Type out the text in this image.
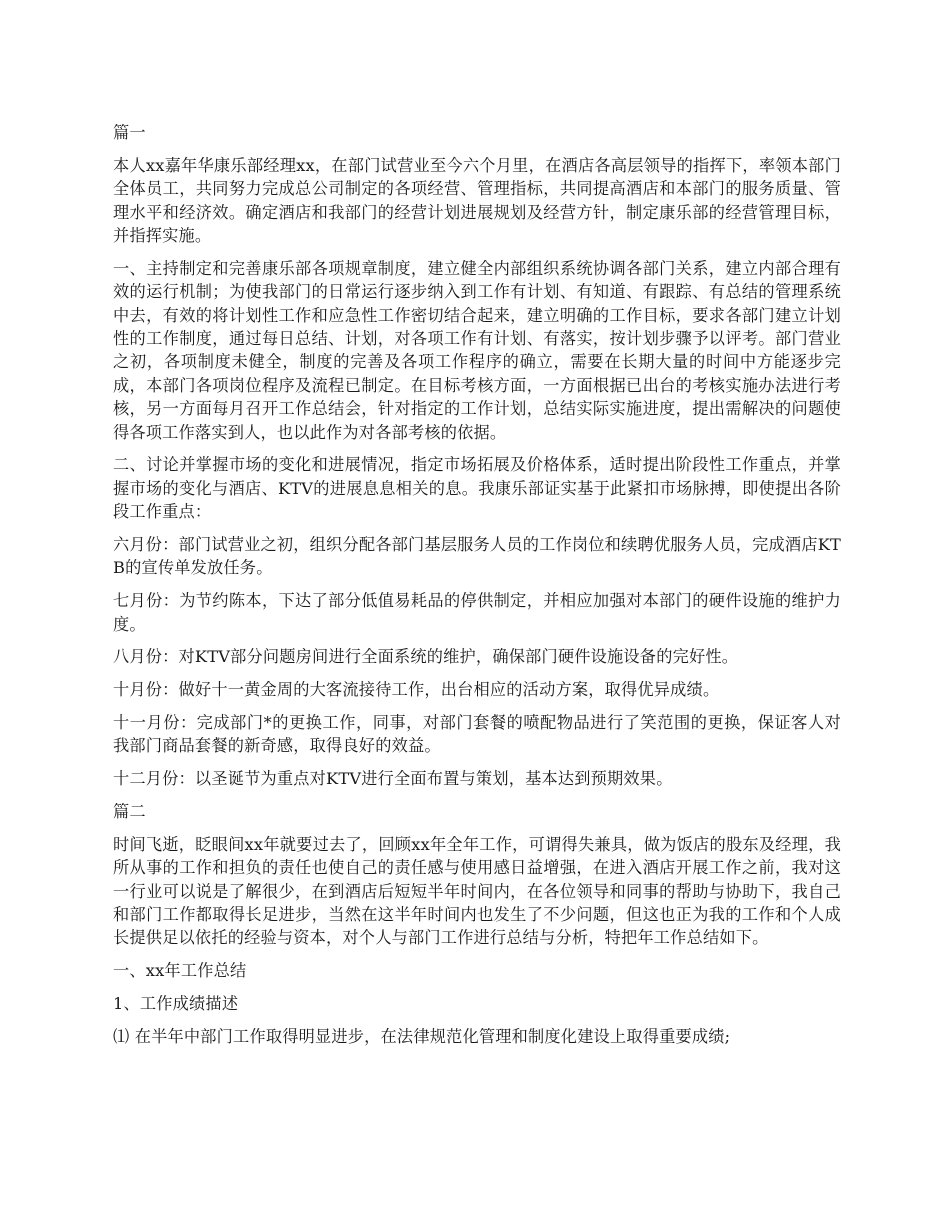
篇一

本人xx嘉年华康乐部经理xx，在部门试营业至今六个月里，在酒店各高层领导的指挥下，率领本部门全体员工，共同努力完成总公司制定的各项经营、管理指标，共同提高酒店和本部门的服务质量、管理水平和经济效。确定酒店和我部门的经营计划进展规划及经营方针，制定康乐部的经营管理目标，并指挥实施。

一、主持制定和完善康乐部各项规章制度，建立健全内部组织系统协调各部门关系，建立内部合理有效的运行机制；为使我部门的日常运行逐步纳入到工作有计划、有知道、有跟踪、有总结的管理系统中去，有效的将计划性工作和应急性工作密切结合起来，建立明确的工作目标，要求各部门建立计划性的工作制度，通过每日总结、计划，对各项工作有计划、有落实，按计划步骤予以评考。部门营业之初，各项制度未健全，制度的完善及各项工作程序的确立，需要在长期大量的时间中方能逐步完成，本部门各项岗位程序及流程已制定。在目标考核方面，一方面根据已出台的考核实施办法进行考核，另一方面每月召开工作总结会，针对指定的工作计划，总结实际实施进度，提出需解决的问题使得各项工作落实到人，也以此作为对各部考核的依据。

二、讨论并掌握市场的变化和进展情况，指定市场拓展及价格体系，适时提出阶段性工作重点，并掌握市场的变化与酒店、KTV的进展息息相关的息。我康乐部证实基于此紧扣市场脉搏，即使提出各阶段工作重点：

六月份：部门试营业之初，组织分配各部门基层服务人员的工作岗位和续聘优服务人员，完成酒店KTB的宣传单发放任务。

七月份：为节约陈本，下达了部分低值易耗品的停供制定，并相应加强对本部门的硬件设施的维护力度。

八月份：对KTV部分问题房间进行全面系统的维护，确保部门硬件设施设备的完好性。

十月份：做好十一黄金周的大客流接待工作，出台相应的活动方案，取得优异成绩。

十一月份：完成部门*的更换工作，同事，对部门套餐的喷配物品进行了笑范围的更换，保证客人对我部门商品套餐的新奇感，取得良好的效益。

十二月份：以圣诞节为重点对KTV进行全面布置与策划，基本达到预期效果。

篇二

时间飞逝，眨眼间xx年就要过去了，回顾xx年全年工作，可谓得失兼具，做为饭店的股东及经理，我所从事的工作和担负的责任也使自己的责任感与使用感日益增强，在进入酒店开展工作之前，我对这一行业可以说是了解很少，在到酒店后短短半年时间内，在各位领导和同事的帮助与协助下，我自己和部门工作都取得长足进步，当然在这半年时间内也发生了不少问题，但这也正为我的工作和个人成长提供足以依托的经验与资本，对个人与部门工作进行总结与分析，特把年工作总结如下。

一、xx年工作总结

1、工作成绩描述

⑴ 在半年中部门工作取得明显进步，在法律规范化管理和制度化建设上取得重要成绩;
